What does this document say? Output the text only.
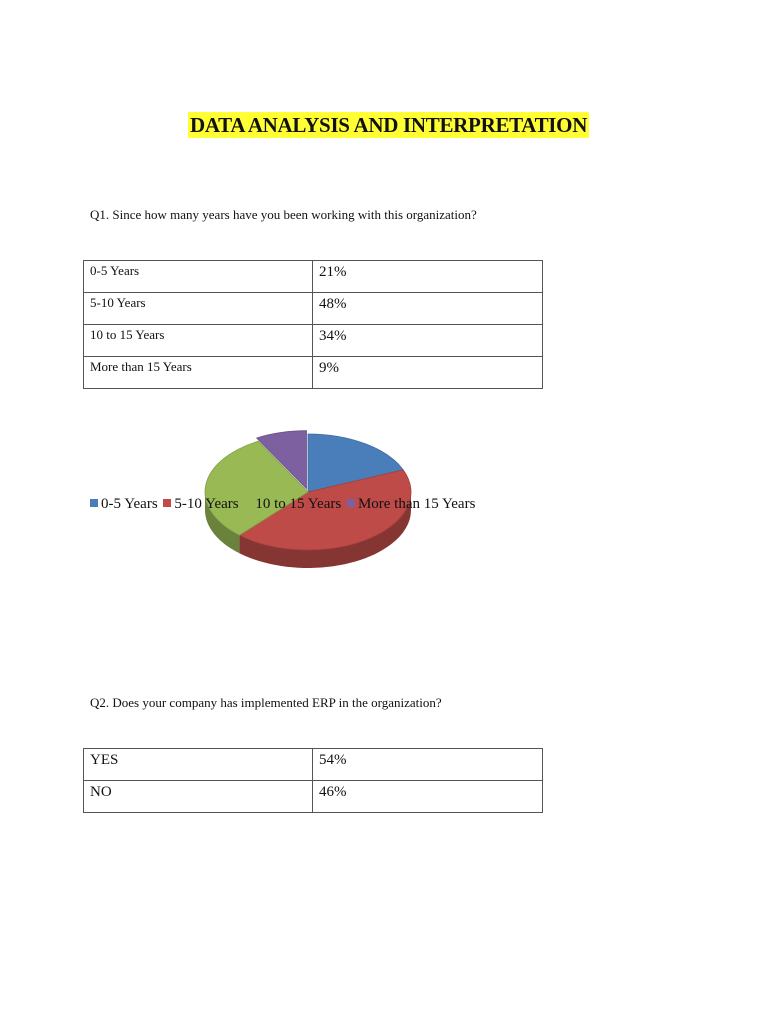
DATA ANALYSIS AND INTERPRETATION
Q1. Since how many years have you been working with this organization?
0-5 Years	21%
5-10 Years	48%
10 to 15 Years	34%
More than 15 Years	9%
0-5 Years 5-10 Years 10 to 15 Years More than 15 Years
Q2. Does your company has implemented ERP in the organization?
YES	54%
NO	46%
